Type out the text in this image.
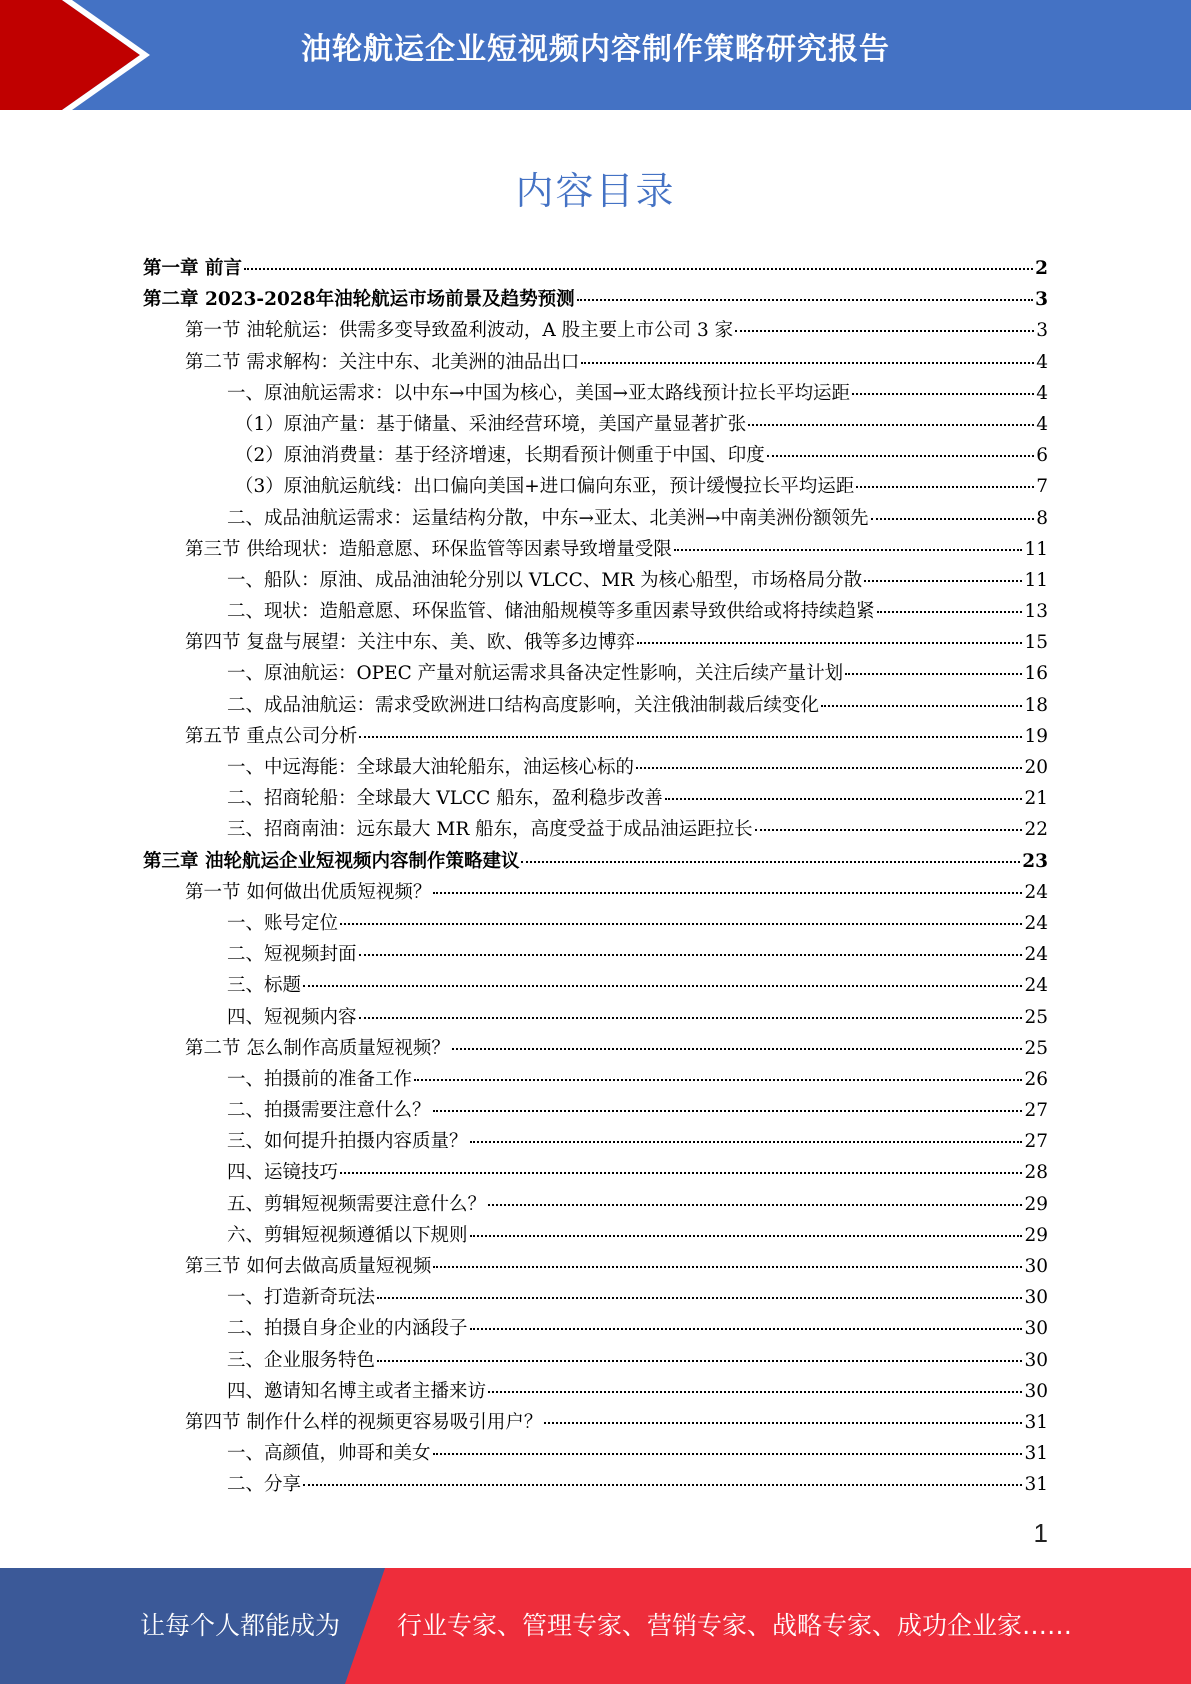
油轮航运企业短视频内容制作策略研究报告
内容目录
第一章 前言	2
第二章 2023-2028年油轮航运市场前景及趋势预测	3
第一节 油轮航运：供需多变导致盈利波动，A 股主要上市公司 3 家	3
第二节 需求解构：关注中东、北美洲的油品出口	4
一、原油航运需求：以中东→中国为核心，美国→亚太路线预计拉长平均运距	4
（1）原油产量：基于储量、采油经营环境，美国产量显著扩张	4
（2）原油消费量：基于经济增速，长期看预计侧重于中国、印度	6
（3）原油航运航线：出口偏向美国+进口偏向东亚，预计缓慢拉长平均运距	7
二、成品油航运需求：运量结构分散，中东→亚太、北美洲→中南美洲份额领先	8
第三节 供给现状：造船意愿、环保监管等因素导致增量受限	11
一、船队：原油、成品油油轮分别以 VLCC、MR 为核心船型，市场格局分散	11
二、现状：造船意愿、环保监管、储油船规模等多重因素导致供给或将持续趋紧	13
第四节 复盘与展望：关注中东、美、欧、俄等多边博弈	15
一、原油航运：OPEC 产量对航运需求具备决定性影响，关注后续产量计划	16
二、成品油航运：需求受欧洲进口结构高度影响，关注俄油制裁后续变化	18
第五节 重点公司分析	19
一、中远海能：全球最大油轮船东，油运核心标的	20
二、招商轮船：全球最大 VLCC 船东，盈利稳步改善	21
三、招商南油：远东最大 MR 船东，高度受益于成品油运距拉长	22
第三章 油轮航运企业短视频内容制作策略建议	23
第一节 如何做出优质短视频？	24
一、账号定位	24
二、短视频封面	24
三、标题	24
四、短视频内容	25
第二节 怎么制作高质量短视频？	25
一、拍摄前的准备工作	26
二、拍摄需要注意什么？	27
三、如何提升拍摄内容质量？	27
四、运镜技巧	28
五、剪辑短视频需要注意什么？	29
六、剪辑短视频遵循以下规则	29
第三节 如何去做高质量短视频	30
一、打造新奇玩法	30
二、拍摄自身企业的内涵段子	30
三、企业服务特色	30
四、邀请知名博主或者主播来访	30
第四节 制作什么样的视频更容易吸引用户？	31
一、高颜值，帅哥和美女	31
二、分享	31
1
让每个人都能成为 行业专家、管理专家、营销专家、战略专家、成功企业家……
